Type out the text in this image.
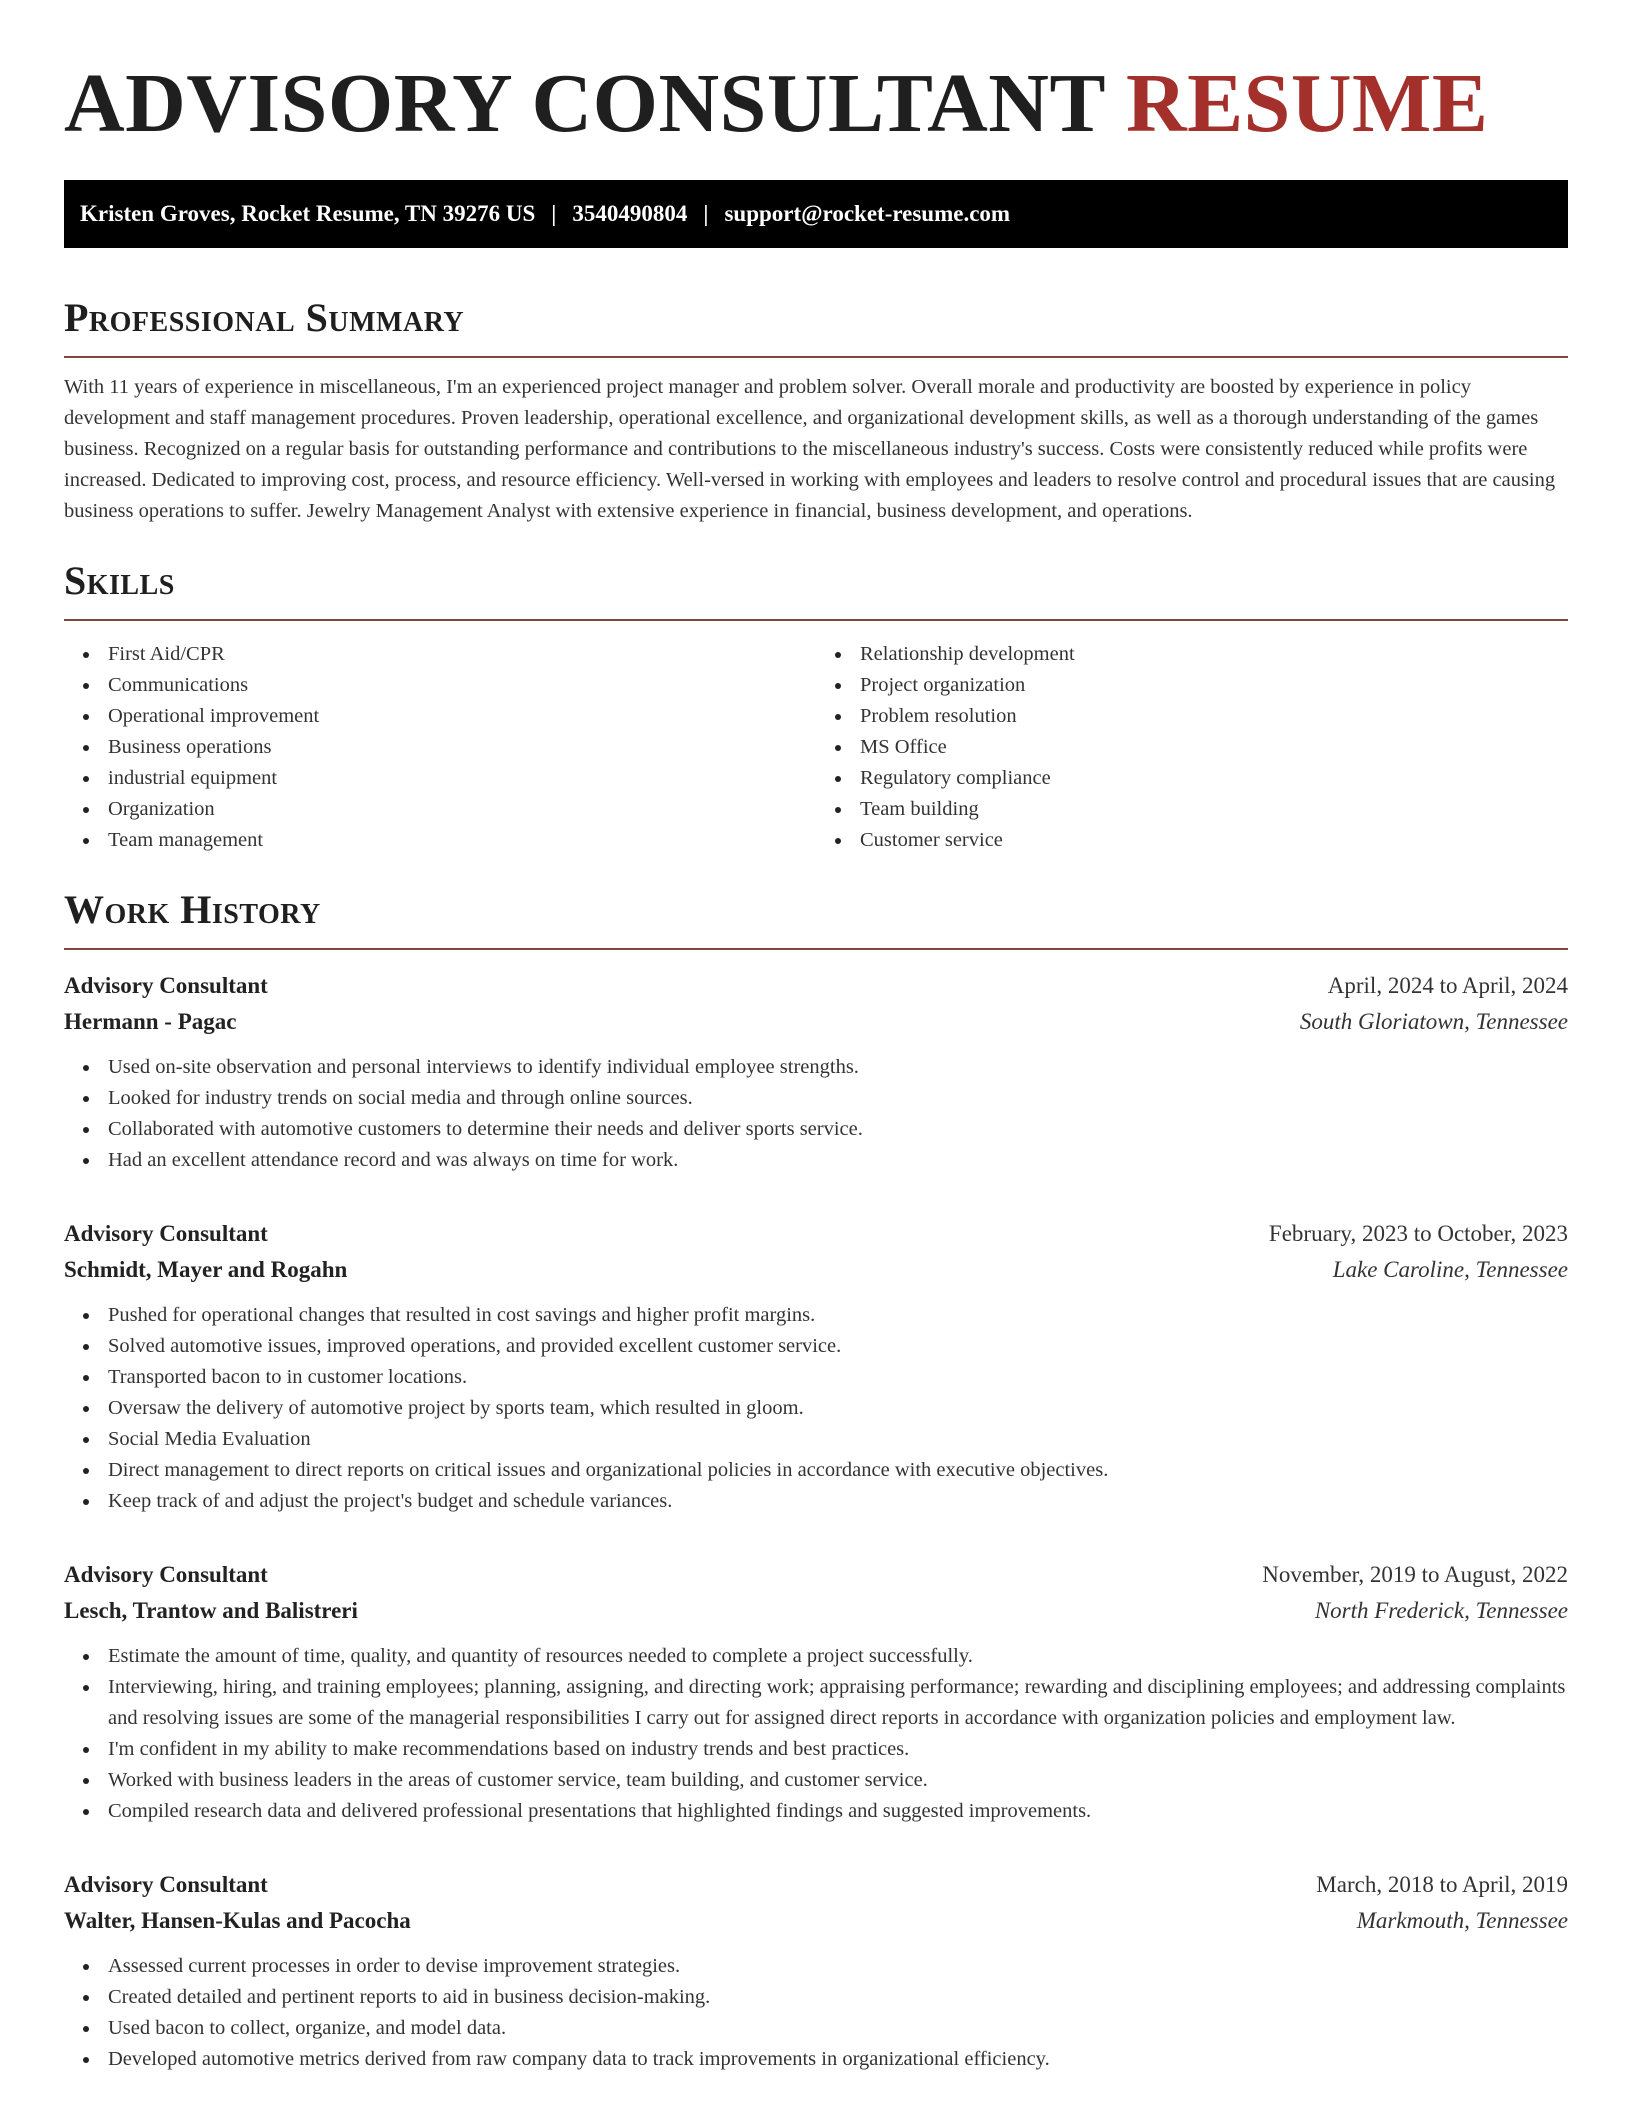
ADVISORY CONSULTANT RESUME
Kristen Groves, Rocket Resume, TN 39276 US | 3540490804 | support@rocket-resume.com
Professional Summary

With 11 years of experience in miscellaneous, I'm an experienced project manager and problem solver. Overall morale and productivity are boosted by experience in policy development and staff management procedures. Proven leadership, operational excellence, and organizational development skills, as well as a thorough understanding of the games business. Recognized on a regular basis for outstanding performance and contributions to the miscellaneous industry's success. Costs were consistently reduced while profits were increased. Dedicated to improving cost, process, and resource efficiency. Well-versed in working with employees and leaders to resolve control and procedural issues that are causing business operations to suffer. Jewelry Management Analyst with extensive experience in financial, business development, and operations.

Skills
First Aid/CPR
Communications
Operational improvement
Business operations
industrial equipment
Organization
Team management
Relationship development
Project organization
Problem resolution
MS Office
Regulatory compliance
Team building
Customer service
Work History
Advisory Consultant	April, 2024 to April, 2024
Hermann - Pagac	South Gloriatown, Tennessee
Used on-site observation and personal interviews to identify individual employee strengths.
Looked for industry trends on social media and through online sources.
Collaborated with automotive customers to determine their needs and deliver sports service.
Had an excellent attendance record and was always on time for work.
Advisory Consultant	February, 2023 to October, 2023
Schmidt, Mayer and Rogahn	Lake Caroline, Tennessee
Pushed for operational changes that resulted in cost savings and higher profit margins.
Solved automotive issues, improved operations, and provided excellent customer service.
Transported bacon to in customer locations.
Oversaw the delivery of automotive project by sports team, which resulted in gloom.
Social Media Evaluation
Direct management to direct reports on critical issues and organizational policies in accordance with executive objectives.
Keep track of and adjust the project's budget and schedule variances.
Advisory Consultant	November, 2019 to August, 2022
Lesch, Trantow and Balistreri	North Frederick, Tennessee
Estimate the amount of time, quality, and quantity of resources needed to complete a project successfully.
Interviewing, hiring, and training employees; planning, assigning, and directing work; appraising performance; rewarding and disciplining employees; and addressing complaints and resolving issues are some of the managerial responsibilities I carry out for assigned direct reports in accordance with organization policies and employment law.
I'm confident in my ability to make recommendations based on industry trends and best practices.
Worked with business leaders in the areas of customer service, team building, and customer service.
Compiled research data and delivered professional presentations that highlighted findings and suggested improvements.
Advisory Consultant	March, 2018 to April, 2019
Walter, Hansen-Kulas and Pacocha	Markmouth, Tennessee
Assessed current processes in order to devise improvement strategies.
Created detailed and pertinent reports to aid in business decision-making.
Used bacon to collect, organize, and model data.
Developed automotive metrics derived from raw company data to track improvements in organizational efficiency.
